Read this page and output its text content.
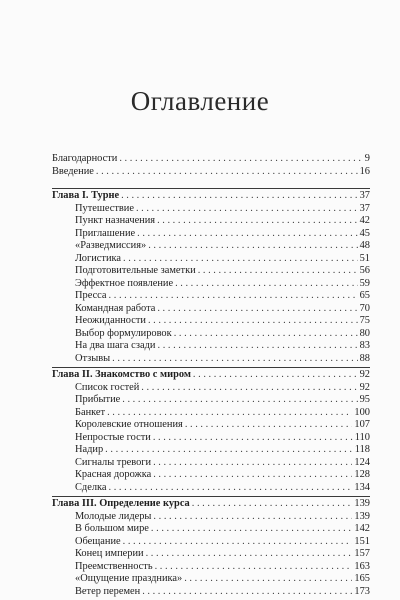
Оглавление
Благодарности . . .	9
Введение . . .	16
Глава I. Турне . . .	37
Путешествие . . .	37
Пункт назначения . . .	42
Приглашение . . .	45
«Разведмиссия» . . .	48
Логистика . . .	51
Подготовительные заметки . . .	56
Эффектное появление . . .	59
Пресса . . .	65
Командная работа . . .	70
Неожиданности . . .	75
Выбор формулировок . . .	80
На два шага сзади . . .	83
Отзывы . . .	88
Глава II. Знакомство с миром . . .	92
Список гостей . . .	92
Прибытие . . .	95
Банкет . . .	100
Королевские отношения . . .	107
Непростые гости . . .	110
Надир . . .	118
Сигналы тревоги . . .	124
Красная дорожка . . .	128
Сделка . . .	134
Глава III. Определение курса . . .	139
Молодые лидеры . . .	139
В большом мире . . .	142
Обещание . . .	151
Конец империи . . .	157
Преемственность . . .	163
«Ощущение праздника» . . .	165
Ветер перемен . . .	173
